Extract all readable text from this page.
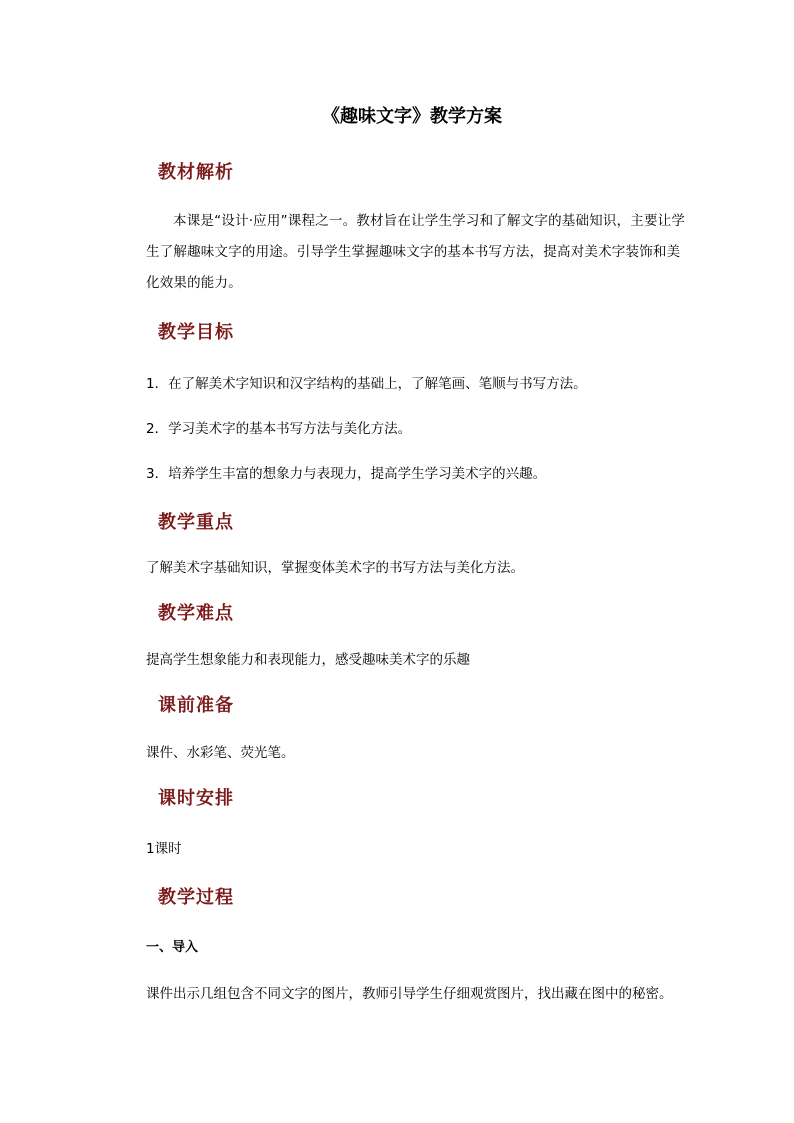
《趣味文字》教学方案
教材解析
本课是“设计·应用”课程之一。教材旨在让学生学习和了解文字的基础知识，主要让学生了解趣味文字的用途。引导学生掌握趣味文字的基本书写方法，提高对美术字装饰和美化效果的能力。
教学目标
1．在了解美术字知识和汉字结构的基础上，了解笔画、笔顺与书写方法。
2．学习美术字的基本书写方法与美化方法。
3．培养学生丰富的想象力与表现力，提高学生学习美术字的兴趣。
教学重点
了解美术字基础知识，掌握变体美术字的书写方法与美化方法。
教学难点
提高学生想象能力和表现能力，感受趣味美术字的乐趣
课前准备
课件、水彩笔、荧光笔。
课时安排
1课时
教学过程
一、导入
课件出示几组包含不同文字的图片，教师引导学生仔细观赏图片，找出藏在图中的秘密。
